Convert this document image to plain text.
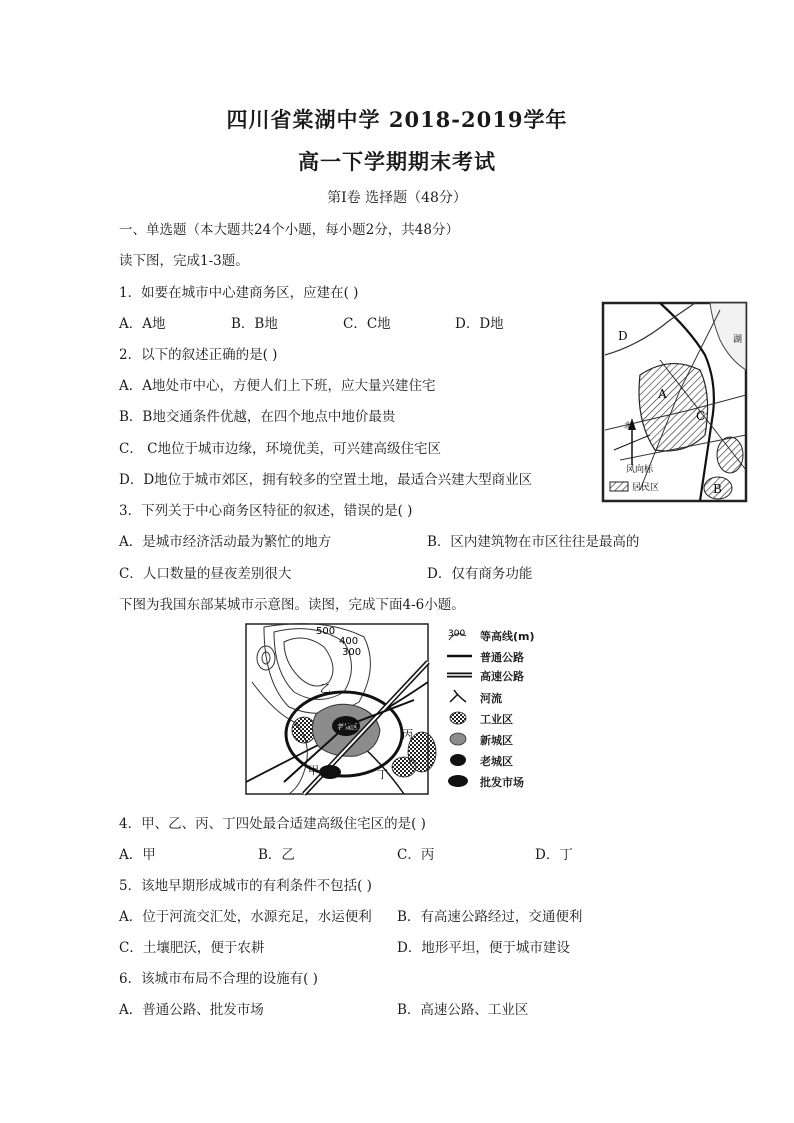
四川省棠湖中学 2018-2019学年
高一下学期期末考试
第Ⅰ卷 选择题（48分）
一、单选题（本大题共24个小题，每小题2分，共48分）
读下图，完成1-3题。
1．如要在城市中心建商务区，应建在( )
A．A地	B．B地	C．C地	D．D地
2．以下的叙述正确的是( )
A．A地处市中心，方便人们上下班，应大量兴建住宅
B．B地交通条件优越，在四个地点中地价最贵
C． C地位于城市边缘，环境优美，可兴建高级住宅区
D．D地位于城市郊区，拥有较多的空置土地，最适合兴建大型商业区
3．下列关于中心商务区特征的叙述，错误的是( )
A．是城市经济活动最为繁忙的地方	B．区内建筑物在市区往往是最高的
C．人口数量的昼夜差别很大	D．仅有商务功能
下图为我国东部某城市示意图。读图，完成下面4-6小题。
D
A
C
B
湖
北
风向标
居民区
500
400
300
老城区
乙
丙
甲	丁
300 等高线(m)
普通公路
高速公路
河流
工业区
新城区
老城区
批发市场
4．甲、乙、丙、丁四处最合适建高级住宅区的是( )
A．甲	B．乙	C．丙	D．丁
5．该地早期形成城市的有利条件不包括( )
A．位于河流交汇处，水源充足，水运便利 B．有高速公路经过，交通便利
C．土壤肥沃，便于农耕	D．地形平坦，便于城市建设
6．该城市布局不合理的设施有( )
A．普通公路、批发市场	B．高速公路、工业区
